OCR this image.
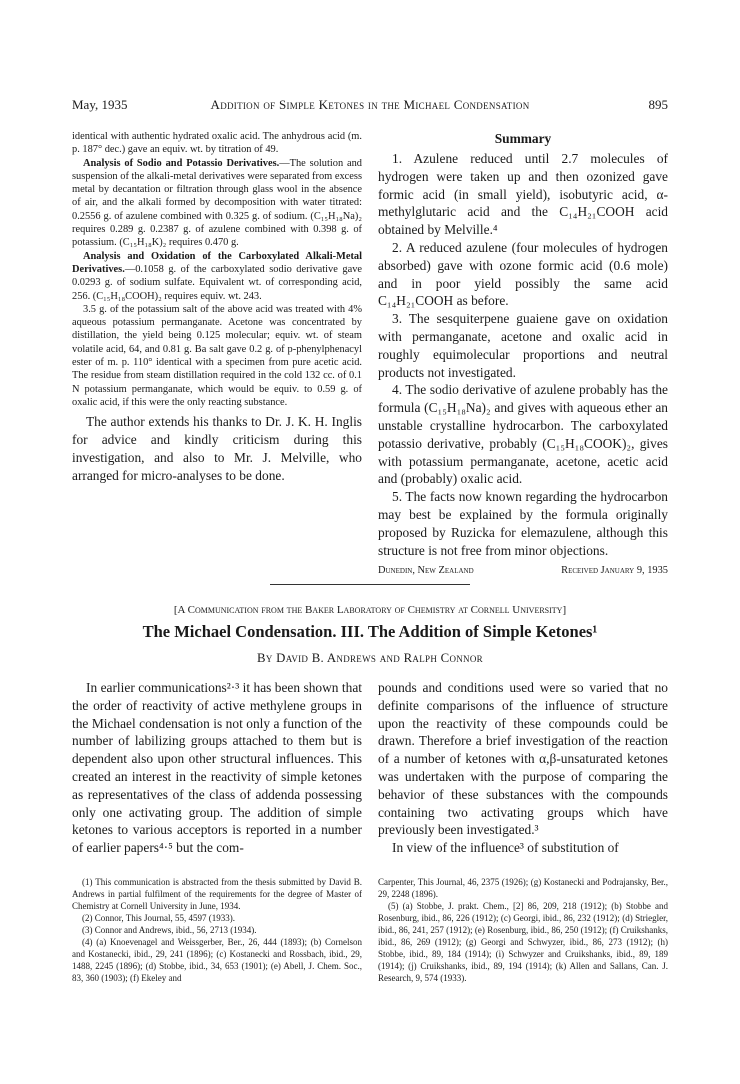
May, 1935	Addition of Simple Ketones in the Michael Condensation	895

identical with authentic hydrated oxalic acid. The anhydrous acid (m. p. 187° dec.) gave an equiv. wt. by titration of 49.

Analysis of Sodio and Potassio Derivatives.—The solution and suspension of the alkali-metal derivatives were separated from excess metal by decantation or filtration through glass wool in the absence of air, and the alkali formed by decomposition with water titrated: 0.2556 g. of azulene combined with 0.325 g. of sodium. (C₁₅H₁₈Na)₂ requires 0.289 g. 0.2387 g. of azulene combined with 0.398 g. of potassium. (C₁₅H₁₈K)₂ requires 0.470 g.

Analysis and Oxidation of the Carboxylated Alkali-Metal Derivatives.—0.1058 g. of the carboxylated sodio derivative gave 0.0293 g. of sodium sulfate. Equivalent wt. of corresponding acid, 256. (C₁₅H₁₈COOH)₂ requires equiv. wt. 243.

3.5 g. of the potassium salt of the above acid was treated with 4% aqueous potassium permanganate. Acetone was concentrated by distillation, the yield being 0.125 molecular; equiv. wt. of steam volatile acid, 64, and 0.81 g. Ba salt gave 0.2 g. of p-phenylphenacyl ester of m. p. 110° identical with a specimen from pure acetic acid. The residue from steam distillation required in the cold 132 cc. of 0.1 N potassium permanganate, which would be equiv. to 0.59 g. of oxalic acid, if this were the only reacting substance.

The author extends his thanks to Dr. J. K. H. Inglis for advice and kindly criticism during this investigation, and also to Mr. J. Melville, who arranged for micro-analyses to be done.

Summary

1. Azulene reduced until 2.7 molecules of hydrogen were taken up and then ozonized gave formic acid (in small yield), isobutyric acid, α-methylglutaric acid and the C₁₄H₂₁COOH acid obtained by Melville.⁴

2. A reduced azulene (four molecules of hydrogen absorbed) gave with ozone formic acid (0.6 mole) and in poor yield possibly the same acid C₁₄H₂₁COOH as before.

3. The sesquiterpene guaiene gave on oxidation with permanganate, acetone and oxalic acid in roughly equimolecular proportions and neutral products not investigated.

4. The sodio derivative of azulene probably has the formula (C₁₅H₁₈Na)₂ and gives with aqueous ether an unstable crystalline hydrocarbon. The carboxylated potassio derivative, probably (C₁₅H₁₈COOK)₂, gives with potassium permanganate, acetone, acetic acid and (probably) oxalic acid.

5. The facts now known regarding the hydrocarbon may best be explained by the formula originally proposed by Ruzicka for elemazulene, although this structure is not free from minor objections.

Dunedin, New Zealand	Received January 9, 1935
[A Communication from the Baker Laboratory of Chemistry at Cornell University]
The Michael Condensation. III. The Addition of Simple Ketones¹
By David B. Andrews and Ralph Connor

In earlier communications²·³ it has been shown that the order of reactivity of active methylene groups in the Michael condensation is not only a function of the number of labilizing groups attached to them but is dependent also upon other structural influences. This created an interest in the reactivity of simple ketones as representatives of the class of addenda possessing only one activating group. The addition of simple ketones to various acceptors is reported in a number of earlier papers⁴·⁵ but the com-

pounds and conditions used were so varied that no definite comparisons of the influence of structure upon the reactivity of these compounds could be drawn. Therefore a brief investigation of the reaction of a number of ketones with α,β-unsaturated ketones was undertaken with the purpose of comparing the behavior of these substances with the compounds containing two activating groups which have previously been investigated.³

In view of the influence³ of substitution of

(1) This communication is abstracted from the thesis submitted by David B. Andrews in partial fulfilment of the requirements for the degree of Master of Chemistry at Cornell University in June, 1934.

(2) Connor, This Journal, 55, 4597 (1933).

(3) Connor and Andrews, ibid., 56, 2713 (1934).

(4) (a) Knoevenagel and Weissgerber, Ber., 26, 444 (1893); (b) Cornelson and Kostanecki, ibid., 29, 241 (1896); (c) Kostanecki and Rossbach, ibid., 29, 1488, 2245 (1896); (d) Stobbe, ibid., 34, 653 (1901); (e) Abell, J. Chem. Soc., 83, 360 (1903); (f) Ekeley and

Carpenter, This Journal, 46, 2375 (1926); (g) Kostanecki and Podrajansky, Ber., 29, 2248 (1896).

(5) (a) Stobbe, J. prakt. Chem., [2] 86, 209, 218 (1912); (b) Stobbe and Rosenburg, ibid., 86, 226 (1912); (c) Georgi, ibid., 86, 232 (1912); (d) Striegler, ibid., 86, 241, 257 (1912); (e) Rosenburg, ibid., 86, 250 (1912); (f) Cruikshanks, ibid., 86, 269 (1912); (g) Georgi and Schwyzer, ibid., 86, 273 (1912); (h) Stobbe, ibid., 89, 184 (1914); (i) Schwyzer and Cruikshanks, ibid., 89, 189 (1914); (j) Cruikshanks, ibid., 89, 194 (1914); (k) Allen and Sallans, Can. J. Research, 9, 574 (1933).
